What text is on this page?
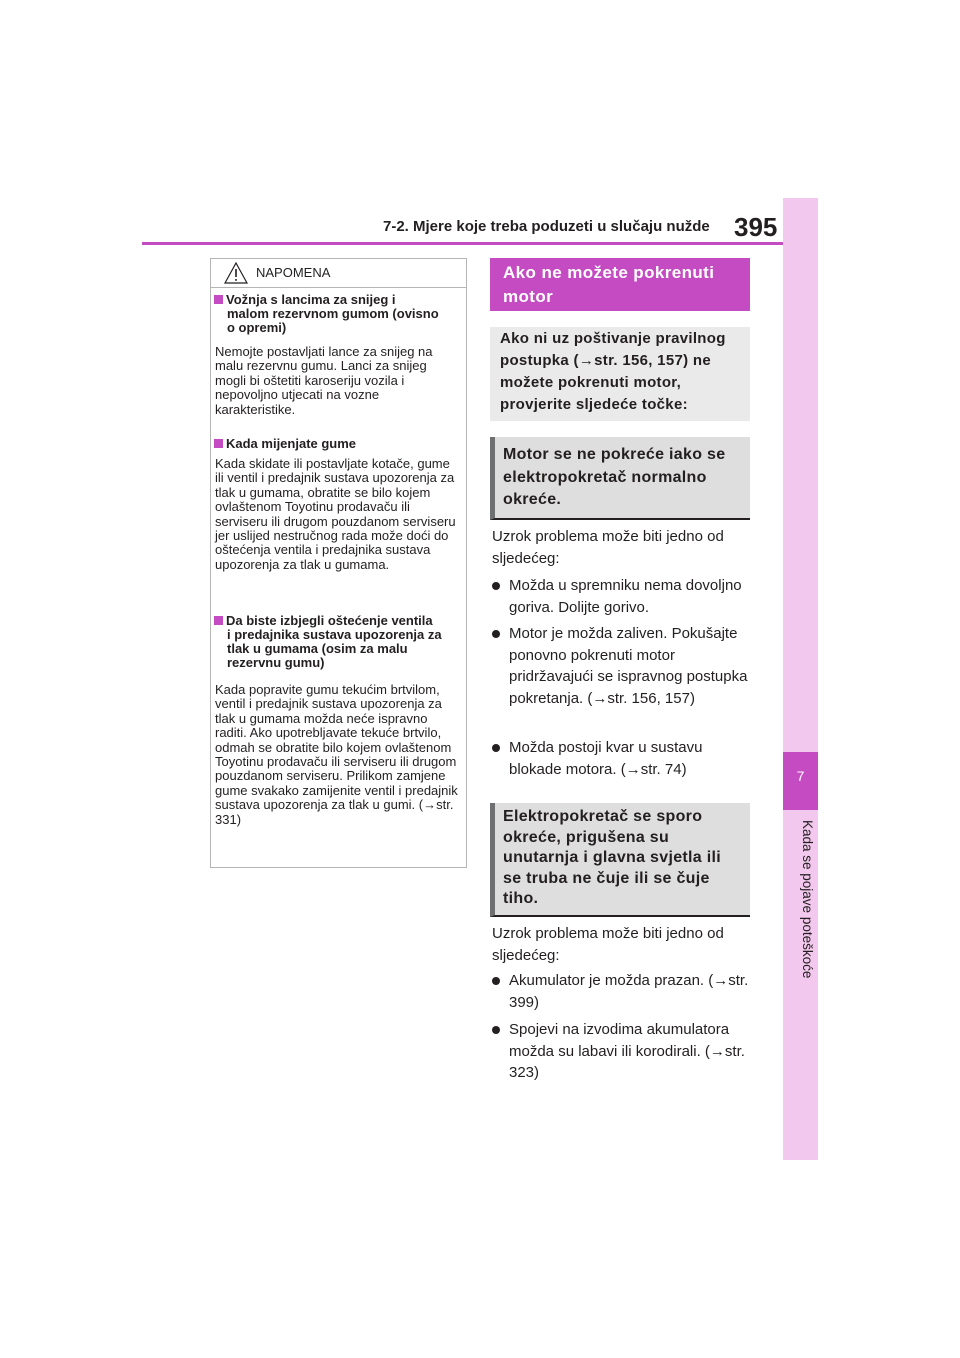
7-2. Mjere koje treba poduzeti u slučaju nužde 395
7
Kada se pojave poteškoće
NAPOMENA
Vožnja s lancima za snijeg i
malom rezervnom gumom (ovisno o opremi)
Nemojte postavljati lance za snijeg na malu rezervnu gumu. Lanci za snijeg mogli bi oštetiti karoseriju vozila i nepovoljno utjecati na vozne karakteristike.
Kada mijenjate gume
Kada skidate ili postavljate kotače, gume ili ventil i predajnik sustava upozorenja za tlak u gumama, obratite se bilo kojem ovlaštenom Toyotinu prodavaču ili serviseru ili drugom pouzdanom serviseru jer uslijed nestručnog rada može doći do oštećenja ventila i predajnika sustava upozorenja za tlak u gumama.
Da biste izbjegli oštećenje ventila
i predajnika sustava upozorenja za tlak u gumama (osim za malu rezervnu gumu)
Kada popravite gumu tekućim brtvilom, ventil i predajnik sustava upozorenja za tlak u gumama možda neće ispravno raditi. Ako upotrebljavate tekuće brtvilo, odmah se obratite bilo kojem ovlaštenom Toyotinu prodavaču ili serviseru ili drugom pouzdanom serviseru. Prilikom zamjene gume svakako zamijenite ventil i predajnik sustava upozorenja za tlak u gumi. (→str. 331)
Ako ne možete pokrenuti motor
Ako ni uz poštivanje pravilnog postupka (→str. 156, 157) ne možete pokrenuti motor, provjerite sljedeće točke:
Motor se ne pokreće iako se elektropokretač normalno okreće.
Uzrok problema može biti jedno od sljedećeg:
Možda u spremniku nema dovoljno goriva. Dolijte gorivo.
Motor je možda zaliven. Pokušajte ponovno pokrenuti motor pridržavajući se ispravnog postupka pokretanja. (→str. 156, 157)
Možda postoji kvar u sustavu blokade motora. (→str. 74)
Elektropokretač se sporo okreće, prigušena su unutarnja i glavna svjetla ili se truba ne čuje ili se čuje tiho.
Uzrok problema može biti jedno od sljedećeg:
Akumulator je možda prazan. (→str. 399)
Spojevi na izvodima akumulatora možda su labavi ili korodirali. (→str. 323)
